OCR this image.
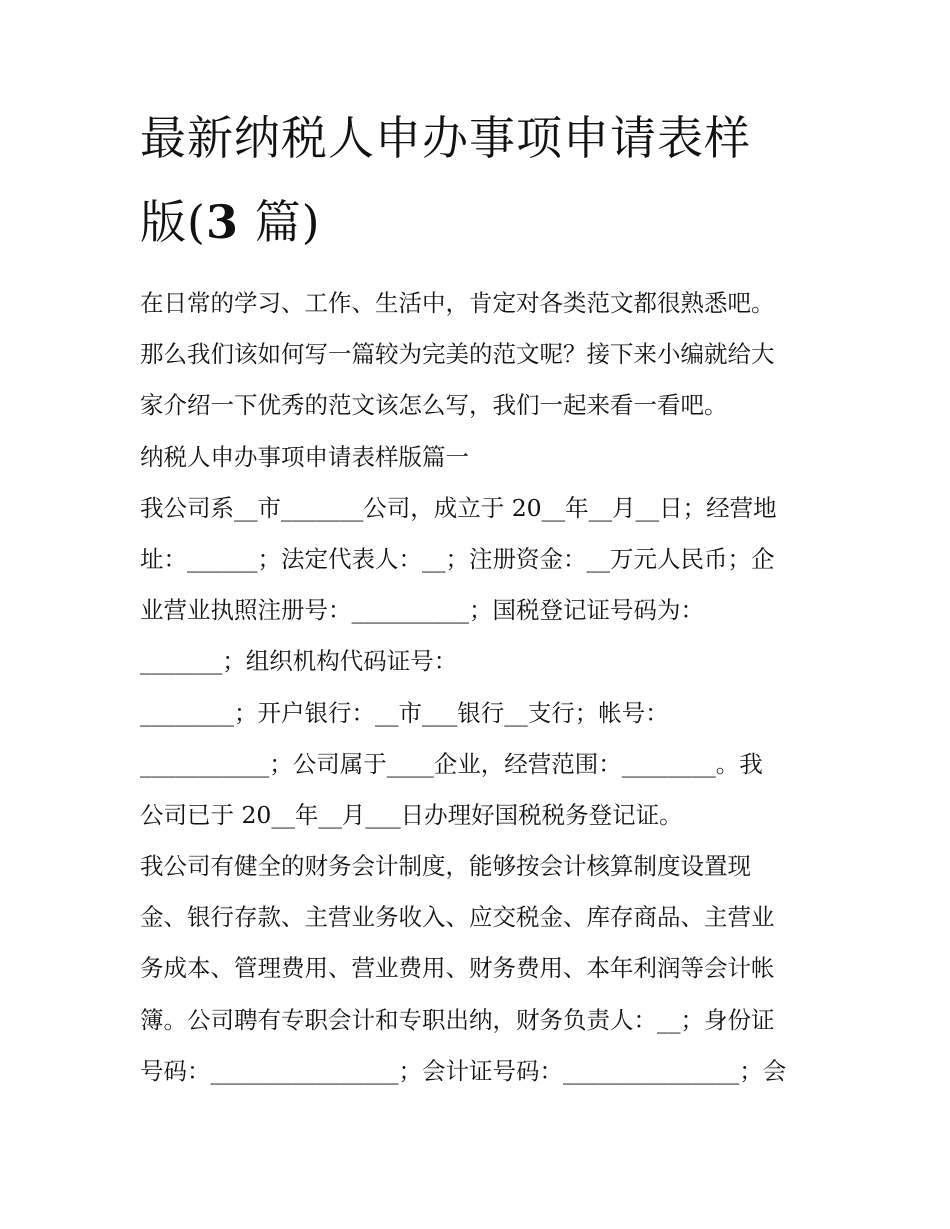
最新纳税人申办事项申请表样
版(3 篇)
在日常的学习、工作、生活中，肯定对各类范文都很熟悉吧。
那么我们该如何写一篇较为完美的范文呢？接下来小编就给大
家介绍一下优秀的范文该怎么写，我们一起来看一看吧。
纳税人申办事项申请表样版篇一
我公司系__市_______公司，成立于 20__年__月__日；经营地
址：______；法定代表人：__；注册资金：__万元人民币；企
业营业执照注册号：__________；国税登记证号码为：
_______；组织机构代码证号：
________；开户银行：__市___银行__支行；帐号：
___________；公司属于____企业，经营范围：________。我
公司已于 20__年__月___日办理好国税税务登记证。
我公司有健全的财务会计制度，能够按会计核算制度设置现
金、银行存款、主营业务收入、应交税金、库存商品、主营业
务成本、管理费用、营业费用、财务费用、本年利润等会计帐
簿。公司聘有专职会计和专职出纳，财务负责人：__；身份证
号码：________________；会计证号码：_______________；会
